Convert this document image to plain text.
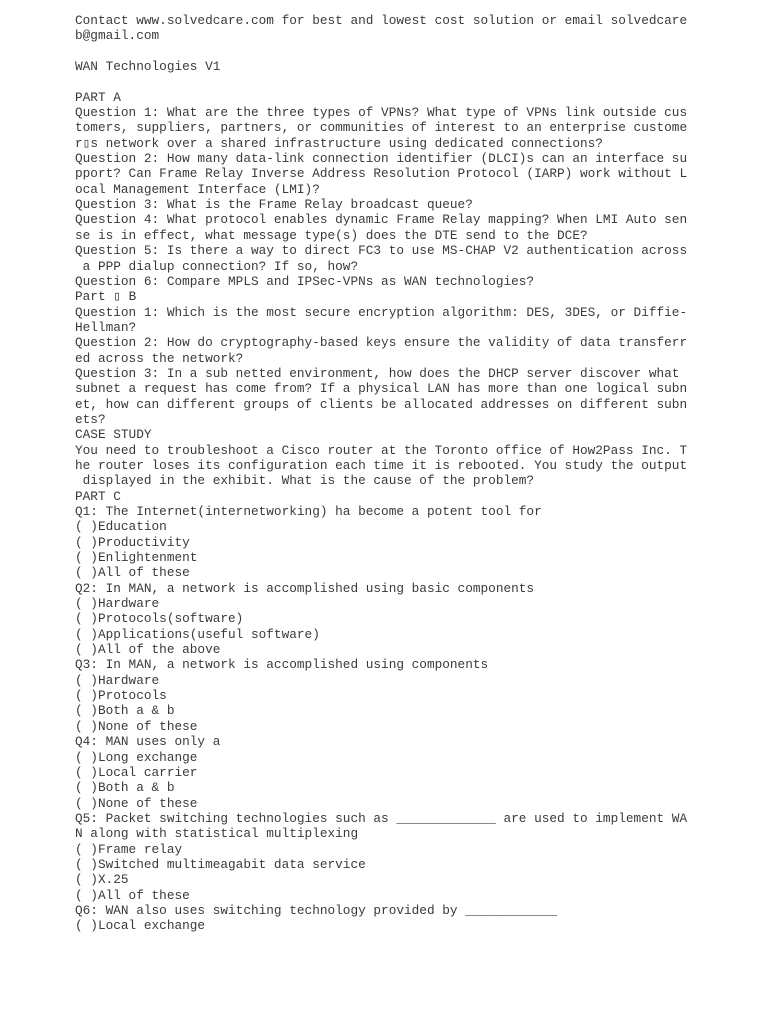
Contact www.solvedcare.com for best and lowest cost solution or email solvedcare
b@gmail.com
WAN Technologies V1
PART A
Question 1: What are the three types of VPNs? What type of VPNs link outside cus
tomers, suppliers, partners, or communities of interest to an enterprise custome
r▯s network over a shared infrastructure using dedicated connections?
Question 2: How many data-link connection identifier (DLCI)s can an interface su
pport? Can Frame Relay Inverse Address Resolution Protocol (IARP) work without L
ocal Management Interface (LMI)?
Question 3: What is the Frame Relay broadcast queue?
Question 4: What protocol enables dynamic Frame Relay mapping? When LMI Auto sen
se is in effect, what message type(s) does the DTE send to the DCE?
Question 5: Is there a way to direct FC3 to use MS-CHAP V2 authentication across
a PPP dialup connection? If so, how?
Question 6: Compare MPLS and IPSec-VPNs as WAN technologies?
Part ▯ B
Question 1: Which is the most secure encryption algorithm: DES, 3DES, or Diffie-
Hellman?
Question 2: How do cryptography-based keys ensure the validity of data transferr
ed across the network?
Question 3: In a sub netted environment, how does the DHCP server discover what
subnet a request has come from? If a physical LAN has more than one logical subn
et, how can different groups of clients be allocated addresses on different subn
ets?
CASE STUDY
You need to troubleshoot a Cisco router at the Toronto office of How2Pass Inc. T
he router loses its configuration each time it is rebooted. You study the output
displayed in the exhibit. What is the cause of the problem?
PART C
Q1: The Internet(internetworking) ha become a potent tool for
( )Education
( )Productivity
( )Enlightenment
( )All of these
Q2: In MAN, a network is accomplished using basic components
( )Hardware
( )Protocols(software)
( )Applications(useful software)
( )All of the above
Q3: In MAN, a network is accomplished using components
( )Hardware
( )Protocols
( )Both a & b
( )None of these
Q4: MAN uses only a
( )Long exchange
( )Local carrier
( )Both a & b
( )None of these
Q5: Packet switching technologies such as _____________ are used to implement WA
N along with statistical multiplexing
( )Frame relay
( )Switched multimeagabit data service
( )X.25
( )All of these
Q6: WAN also uses switching technology provided by ____________
( )Local exchange
